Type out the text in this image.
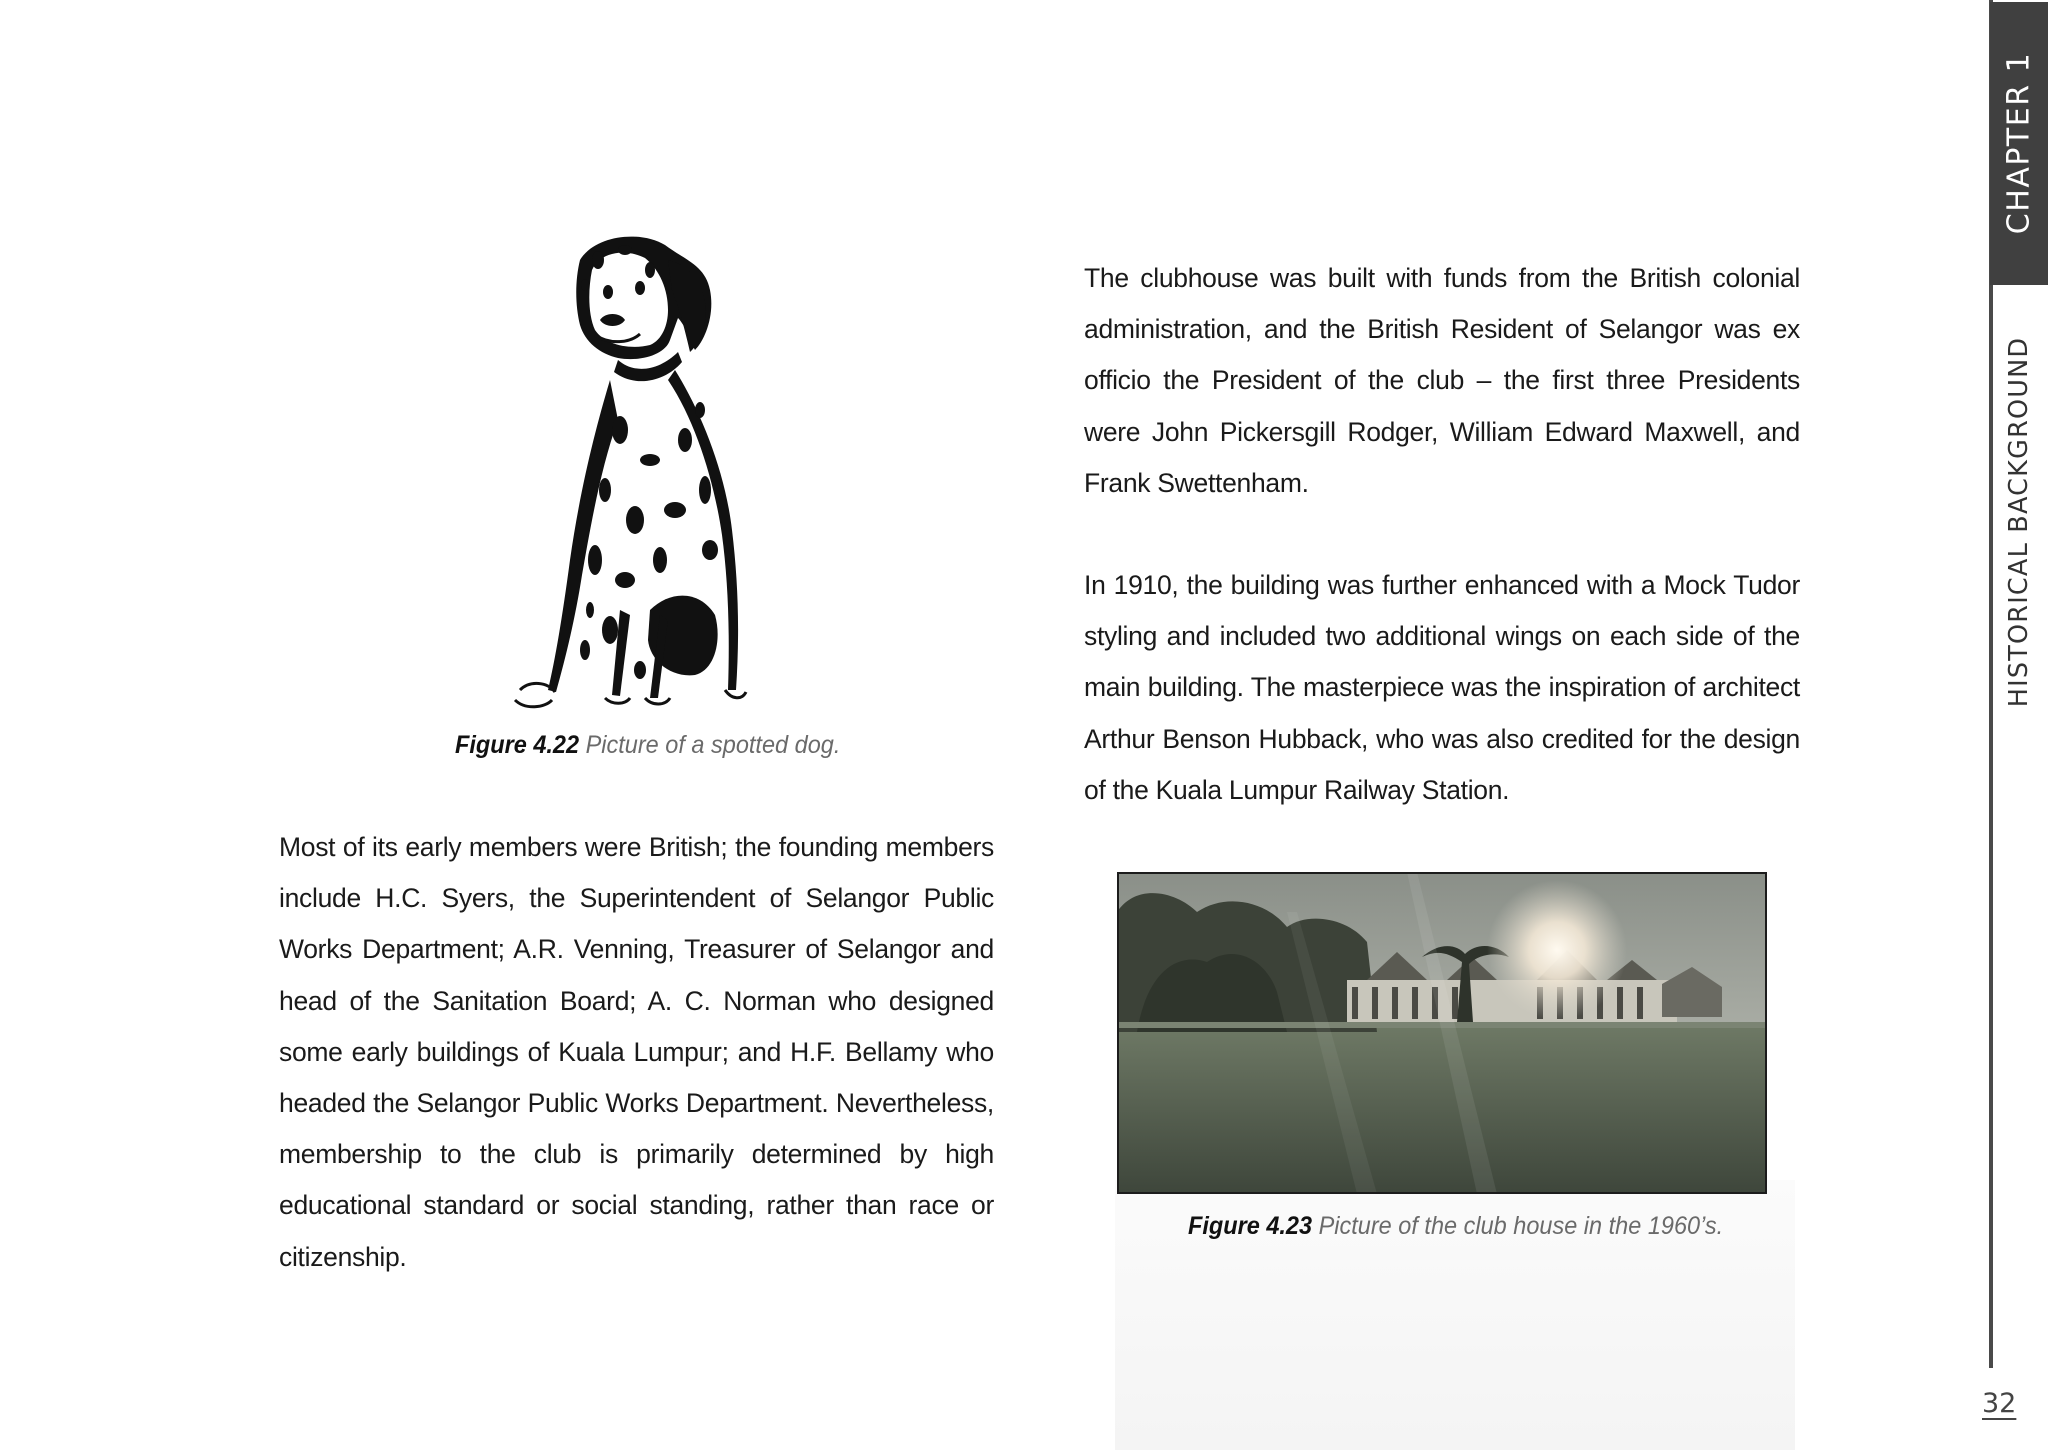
CHAPTER 1
HISTORICAL BACKGROUND
32
Figure 4.22 Picture of a spotted dog.

Most of its early members were British; the founding members include H.C. Syers, the Superintendent of Selangor Public Works Department; A.R. Venning, Treasurer of Selangor and head of the Sanitation Board; A. C. Norman who designed some early buildings of Kuala Lumpur; and H.F. Bellamy who headed the Selangor Public Works Department. Nevertheless, membership to the club is primarily determined by high educational standard or social standing, rather than race or citizenship.

The clubhouse was built with funds from the British colonial administration, and the British Resident of Selangor was ex officio the President of the club – the first three Presidents were John Pickersgill Rodger, William Edward Maxwell, and Frank Swettenham.

In 1910, the building was further enhanced with a Mock Tudor styling and included two additional wings on each side of the main building. The masterpiece was the inspiration of architect Arthur Benson Hubback, who was also credited for the design of the Kuala Lumpur Railway Station.

Figure 4.23 Picture of the club house in the 1960’s.
